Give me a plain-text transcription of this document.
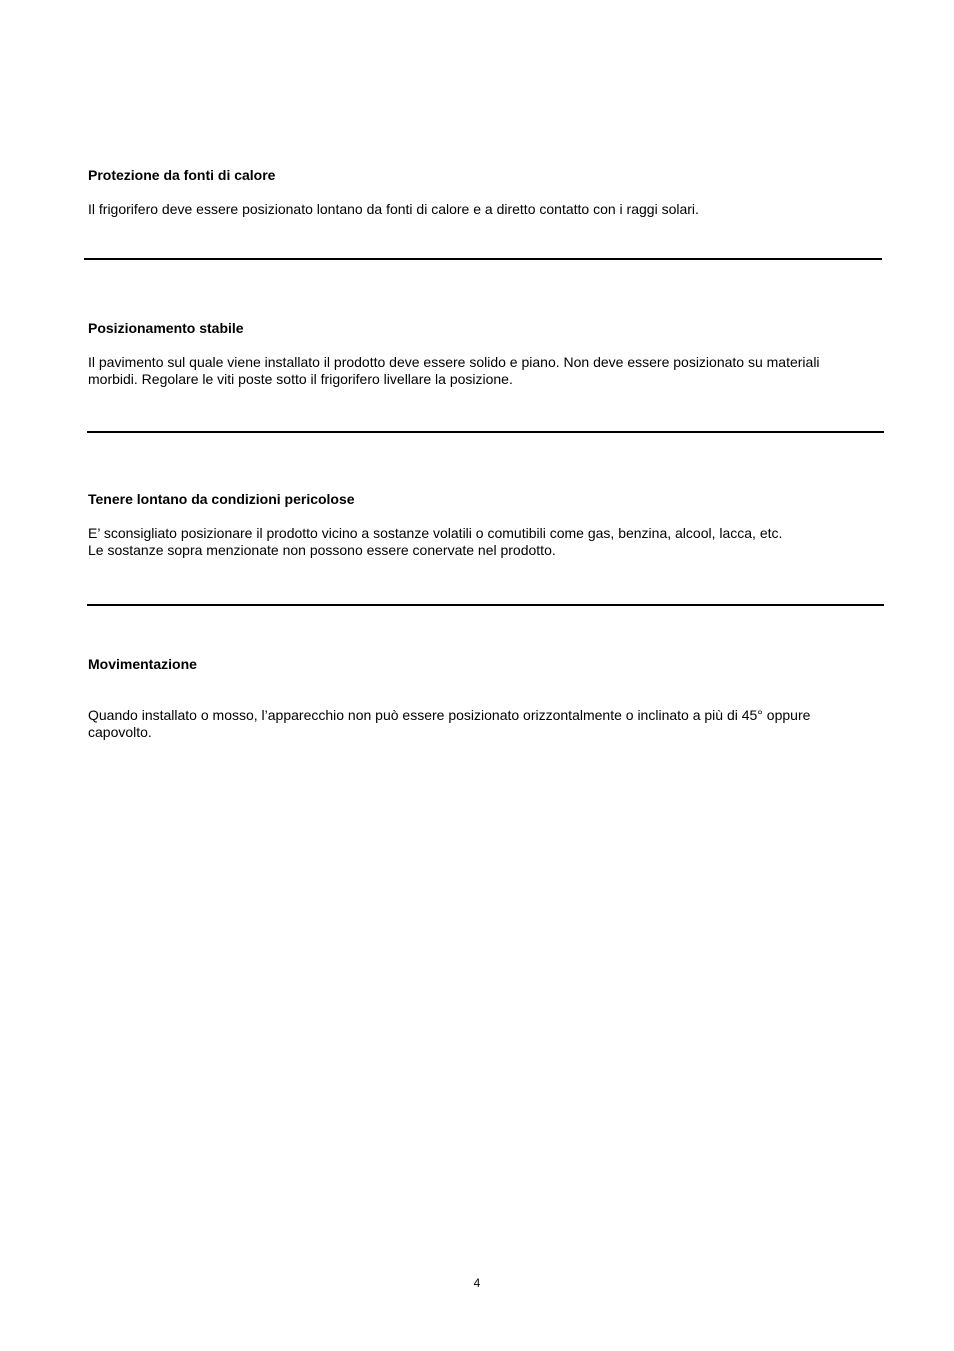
Protezione da fonti di calore

Il frigorifero deve essere posizionato lontano da fonti di calore e a diretto contatto con i raggi solari.

Posizionamento stabile

Il pavimento sul quale viene installato il prodotto deve essere solido e piano. Non deve essere posizionato su materiali
morbidi. Regolare le viti poste sotto il frigorifero livellare la posizione.

Tenere lontano da condizioni pericolose

E’ sconsigliato posizionare il prodotto vicino a sostanze volatili o comutibili come gas, benzina, alcool, lacca, etc.
Le sostanze sopra menzionate non possono essere conervate nel prodotto.

Movimentazione

Quando installato o mosso, l’apparecchio non può essere posizionato orizzontalmente o inclinato a più di 45° oppure
capovolto.

4
